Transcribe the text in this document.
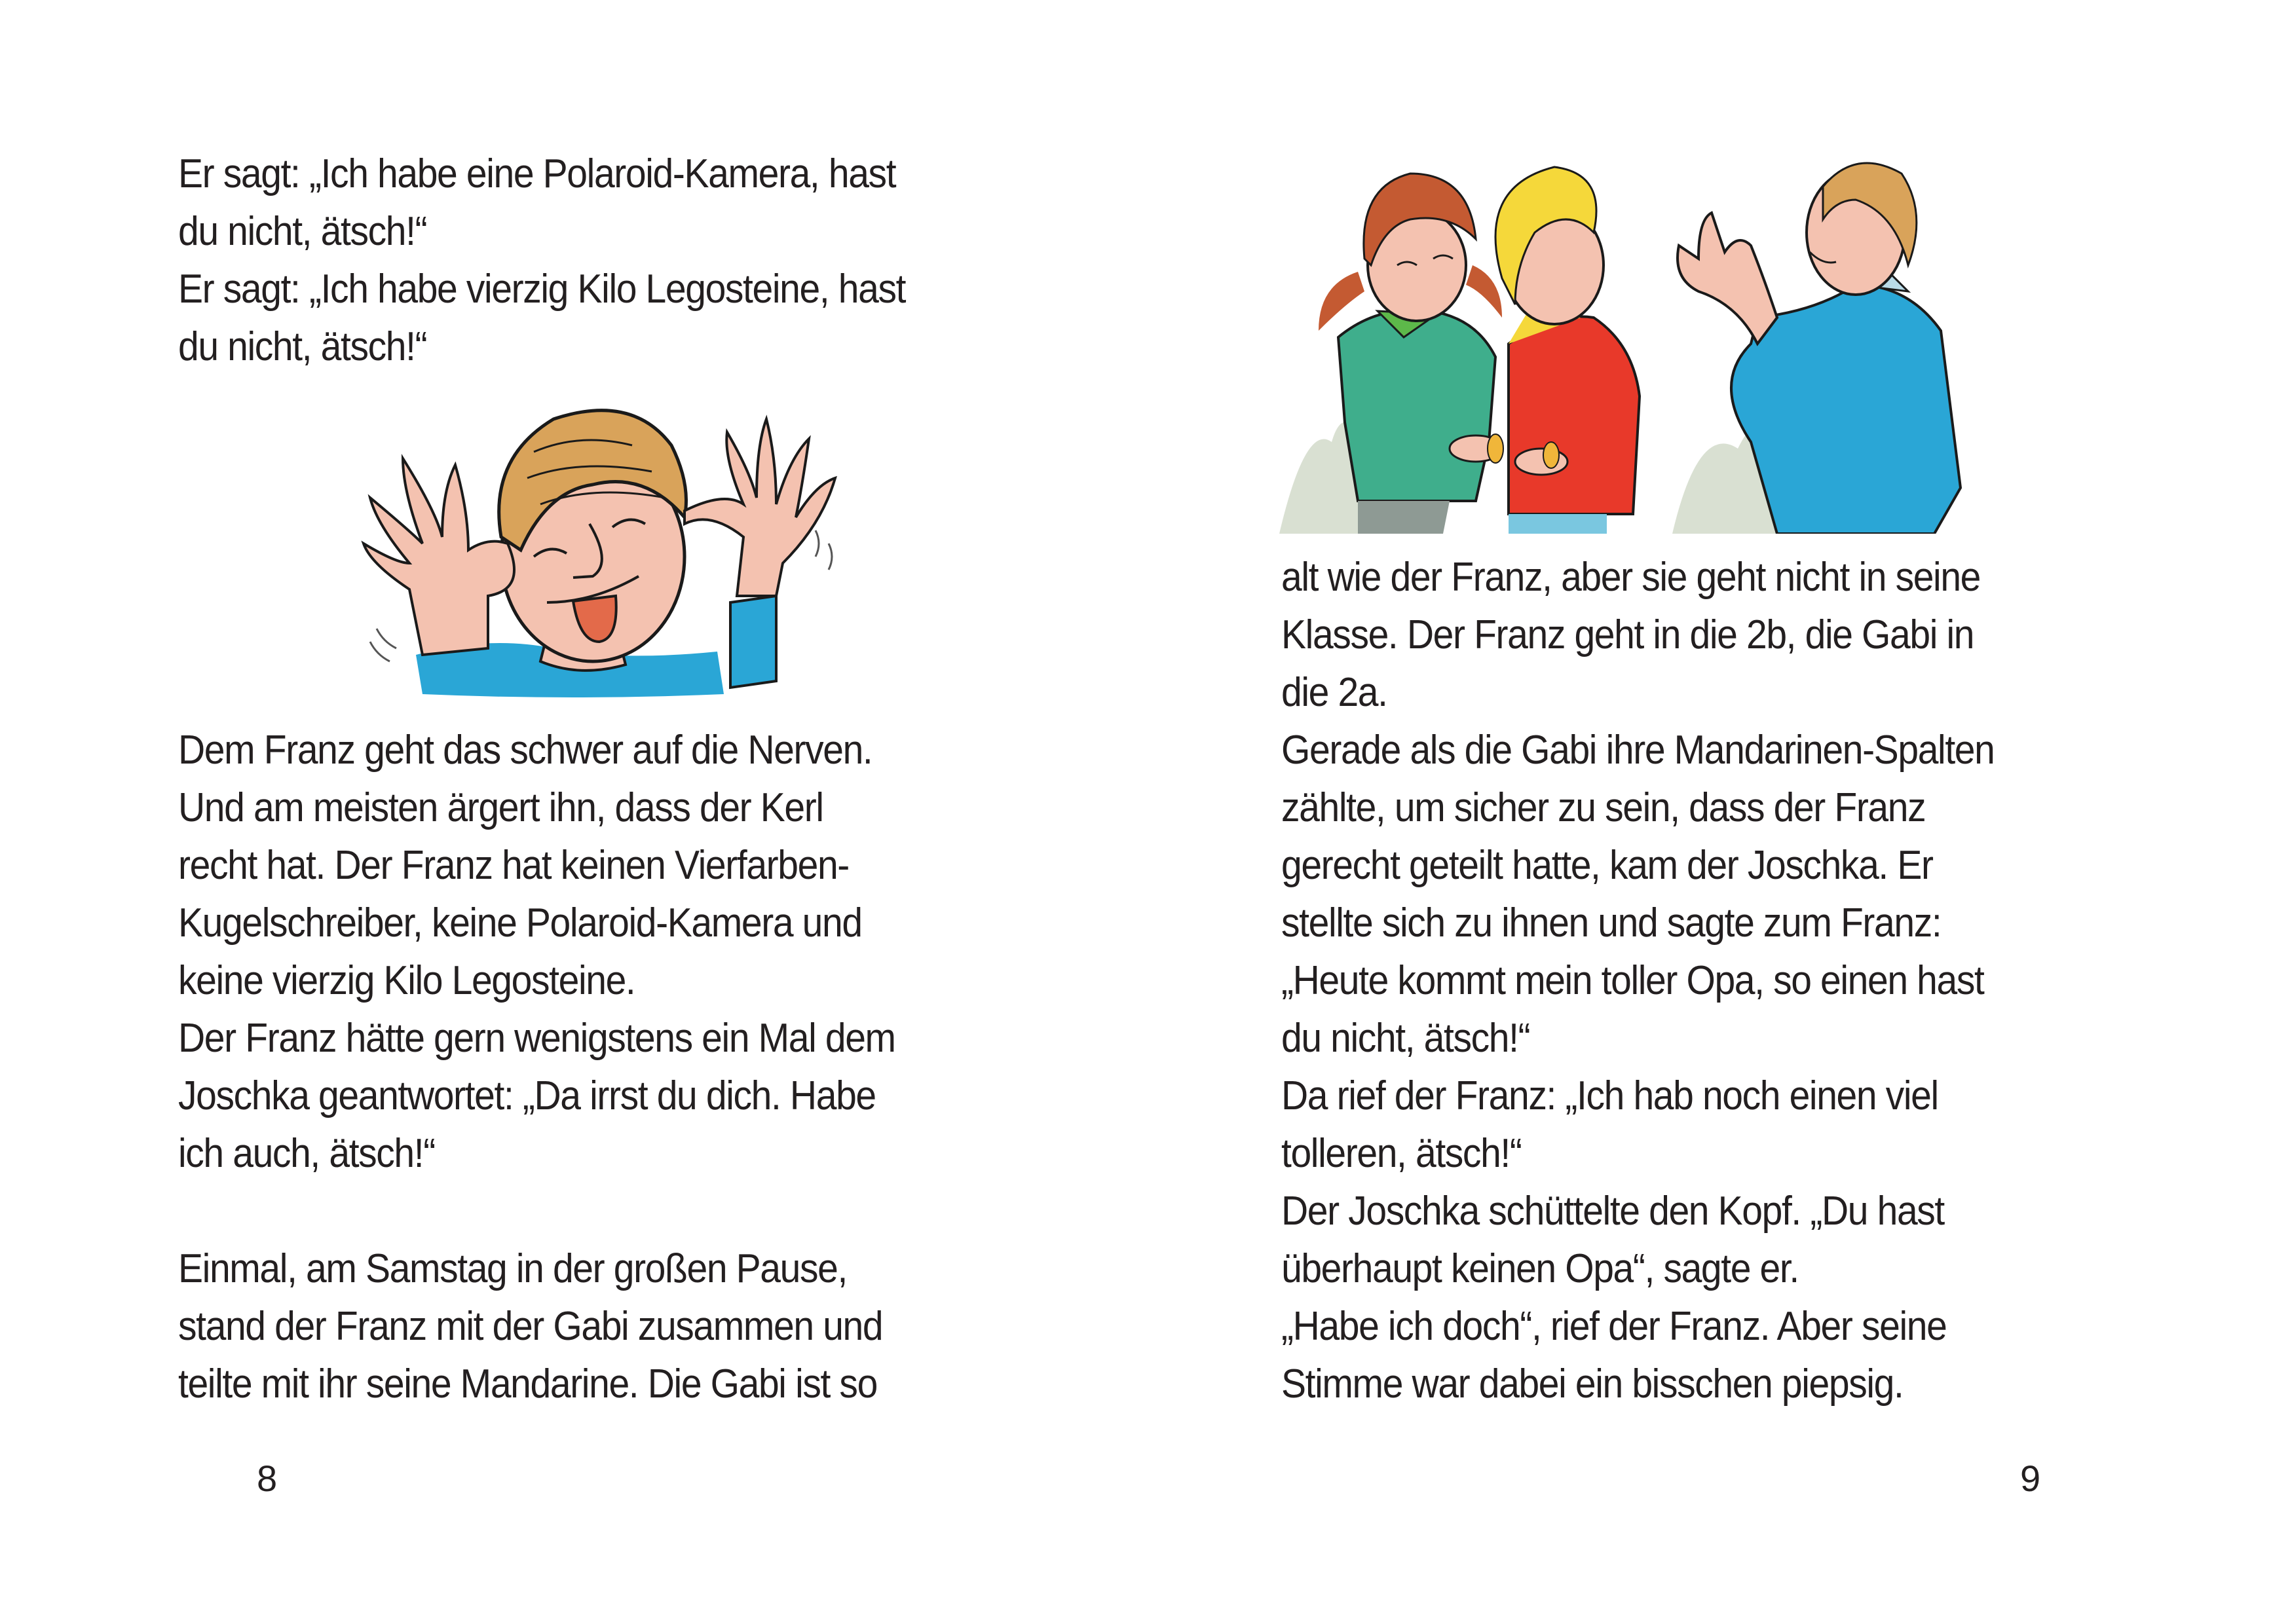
Er sagt: „Ich habe eine Polaroid-Kamera, hast
du nicht, ätsch!“
Er sagt: „Ich habe vierzig Kilo Legosteine, hast
du nicht, ätsch!“
Dem Franz geht das schwer auf die Nerven.
Und am meisten ärgert ihn, dass der Kerl
recht hat. Der Franz hat keinen Vierfarben-
Kugelschreiber, keine Polaroid-Kamera und
keine vierzig Kilo Legosteine.
Der Franz hätte gern wenigstens ein Mal dem
Joschka geantwortet: „Da irrst du dich. Habe
ich auch, ätsch!“
Einmal, am Samstag in der großen Pause,
stand der Franz mit der Gabi zusammen und
teilte mit ihr seine Mandarine. Die Gabi ist so
8
alt wie der Franz, aber sie geht nicht in seine
Klasse. Der Franz geht in die 2b, die Gabi in
die 2a.
Gerade als die Gabi ihre Mandarinen-Spalten
zählte, um sicher zu sein, dass der Franz
gerecht geteilt hatte, kam der Joschka. Er
stellte sich zu ihnen und sagte zum Franz:
„Heute kommt mein toller Opa, so einen hast
du nicht, ätsch!“
Da rief der Franz: „Ich hab noch einen viel
tolleren, ätsch!“
Der Joschka schüttelte den Kopf. „Du hast
überhaupt keinen Opa“, sagte er.
„Habe ich doch“, rief der Franz. Aber seine
Stimme war dabei ein bisschen piepsig.
9
